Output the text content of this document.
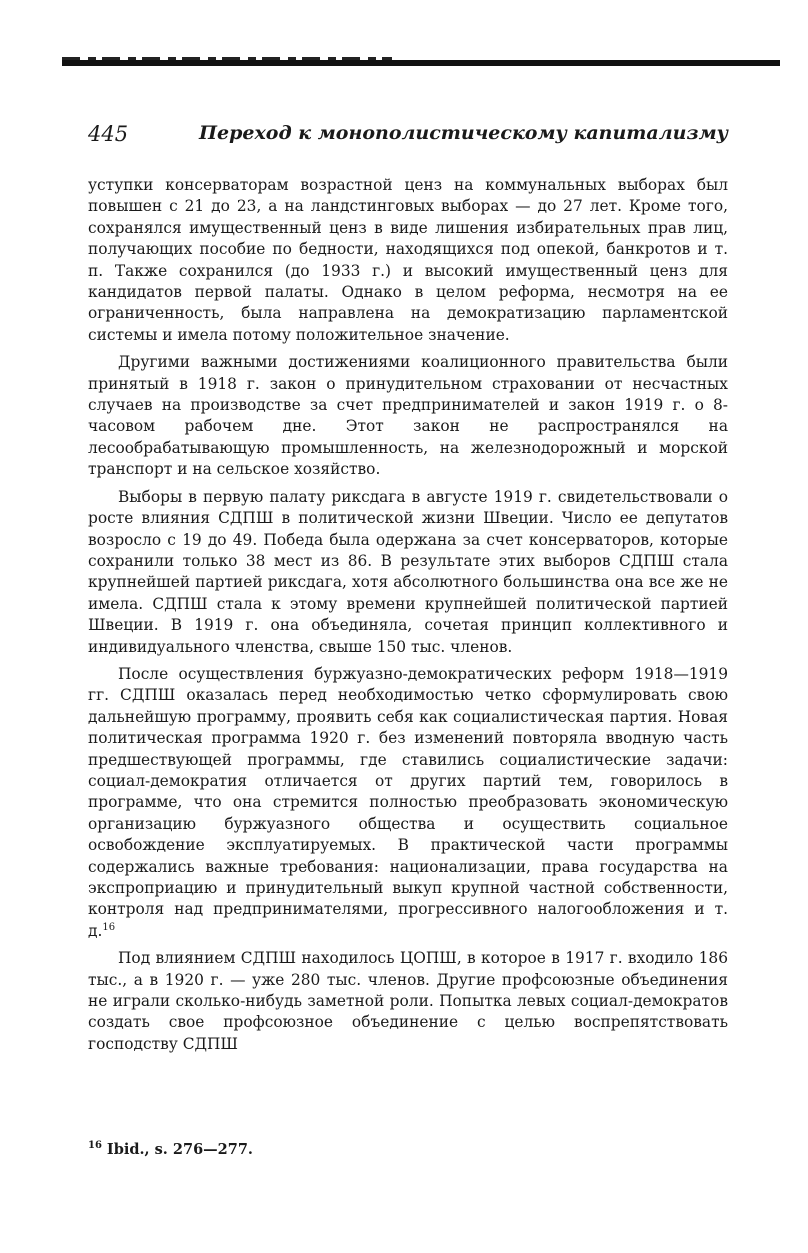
445	Переход к монополистическому капитализму

уступки консерваторам возрастной ценз на коммунальных выборах был повышен с 21 до 23, а на ландстинговых выборах — до 27 лет. Кроме того, сохранялся имущественный ценз в виде лишения избирательных прав лиц, получающих пособие по бедности, находящихся под опекой, банкротов и т. п. Также сохранился (до 1933 г.) и высокий имущественный ценз для кандидатов первой палаты. Однако в целом реформа, несмотря на ее ограниченность, была направлена на демократизацию парламентской системы и имела потому положительное значение.

Другими важными достижениями коалиционного правительства были принятый в 1918 г. закон о принудительном страховании от несчастных случаев на производстве за счет предпринимателей и закон 1919 г. о 8-часовом рабочем дне. Этот закон не распространялся на лесообрабатывающую промышленность, на железнодорожный и морской транспорт и на сельское хозяйство.

Выборы в первую палату риксдага в августе 1919 г. свидетельствовали о росте влияния СДПШ в политической жизни Швеции. Число ее депутатов возросло с 19 до 49. Победа была одержана за счет консерваторов, которые сохранили только 38 мест из 86. В результате этих выборов СДПШ стала крупнейшей партией риксдага, хотя абсолютного большинства она все же не имела. СДПШ стала к этому времени крупнейшей политической партией Швеции. В 1919 г. она объединяла, сочетая принцип коллективного и индивидуального членства, свыше 150 тыс. членов.

После осуществления буржуазно-демократических реформ 1918—1919 гг. СДПШ оказалась перед необходимостью четко сформулировать свою дальнейшую программу, проявить себя как социалистическая партия. Новая политическая программа 1920 г. без изменений повторяла вводную часть предшествующей программы, где ставились социалистические задачи: социал-демократия отличается от других партий тем, говорилось в программе, что она стремится полностью преобразовать экономическую организацию буржуазного общества и осуществить социальное освобождение эксплуатируемых. В практической части программы содержались важные требования: национализации, права государства на экспроприацию и принудительный выкуп крупной частной собственности, контроля над предпринимателями, прогрессивного налогообложения и т. д.$^{16}$

Под влиянием СДПШ находилось ЦОПШ, в которое в 1917 г. входило 186 тыс., а в 1920 г. — уже 280 тыс. членов. Другие профсоюзные объединения не играли сколько-нибудь заметной роли. Попытка левых социал-демократов создать свое профсоюзное объединение с целью воспрепятствовать господству СДПШ

$^{16}$ Ibid., s. 276—277.
